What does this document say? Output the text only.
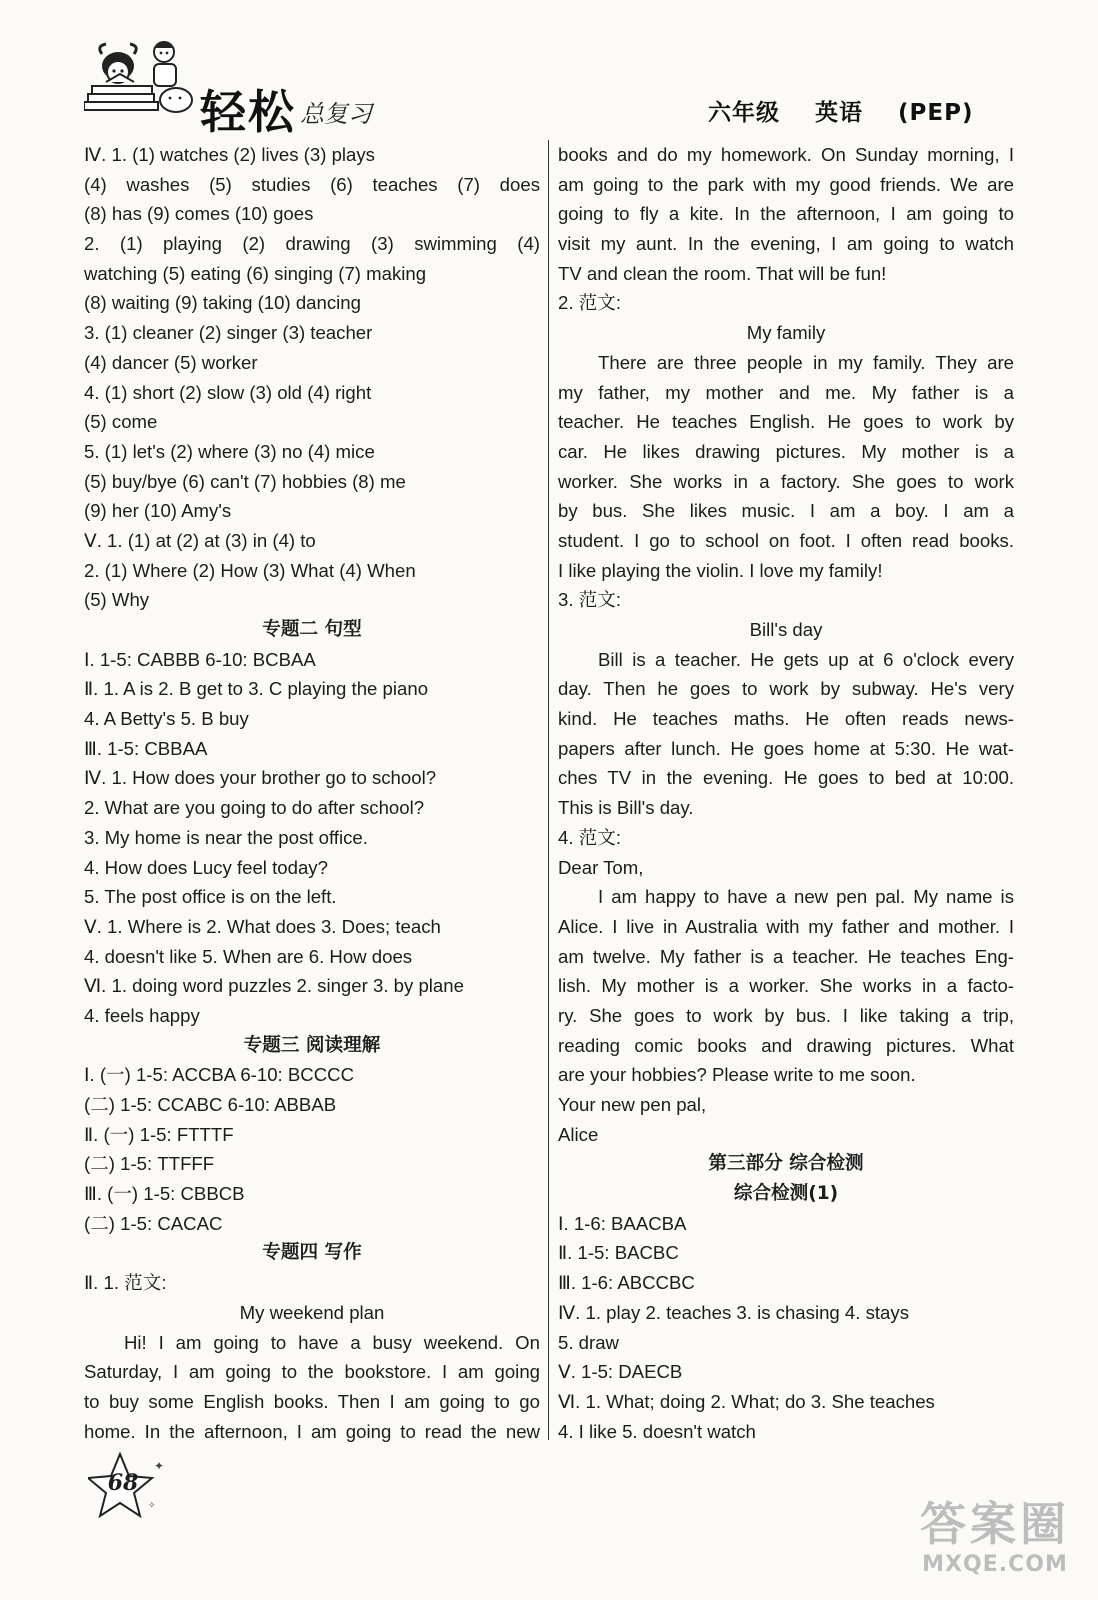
轻松 总复习	六年级 英语 (PEP)
Ⅳ. 1. (1) watches (2) lives (3) plays
(4) washes (5) studies (6) teaches (7) does
(8) has (9) comes (10) goes
2. (1) playing (2) drawing (3) swimming (4)
watching (5) eating (6) singing (7) making
(8) waiting (9) taking (10) dancing
3. (1) cleaner (2) singer (3) teacher
(4) dancer (5) worker
4. (1) short (2) slow (3) old (4) right
(5) come
5. (1) let's (2) where (3) no (4) mice
(5) buy/bye (6) can't (7) hobbies (8) me
(9) her (10) Amy's
Ⅴ. 1. (1) at (2) at (3) in (4) to
2. (1) Where (2) How (3) What (4) When
(5) Why
专题二 句型
Ⅰ. 1-5: CABBB 6-10: BCBAA
Ⅱ. 1. A is 2. B get to 3. C playing the piano
4. A Betty's 5. B buy
Ⅲ. 1-5: CBBAA
Ⅳ. 1. How does your brother go to school?
2. What are you going to do after school?
3. My home is near the post office.
4. How does Lucy feel today?
5. The post office is on the left.
Ⅴ. 1. Where is 2. What does 3. Does; teach
4. doesn't like 5. When are 6. How does
Ⅵ. 1. doing word puzzles 2. singer 3. by plane
4. feels happy
专题三 阅读理解
Ⅰ. (一) 1-5: ACCBA 6-10: BCCCC
(二) 1-5: CCABC 6-10: ABBAB
Ⅱ. (一) 1-5: FTTTF
(二) 1-5: TTFFF
Ⅲ. (一) 1-5: CBBCB
(二) 1-5: CACAC
专题四 写作
Ⅱ. 1. 范文:
My weekend plan
Hi! I am going to have a busy weekend. On
Saturday, I am going to the bookstore. I am going
to buy some English books. Then I am going to go
home. In the afternoon, I am going to read the new
books and do my homework. On Sunday morning, I
am going to the park with my good friends. We are
going to fly a kite. In the afternoon, I am going to
visit my aunt. In the evening, I am going to watch
TV and clean the room. That will be fun!
2. 范文:
My family
There are three people in my family. They are
my father, my mother and me. My father is a
teacher. He teaches English. He goes to work by
car. He likes drawing pictures. My mother is a
worker. She works in a factory. She goes to work
by bus. She likes music. I am a boy. I am a
student. I go to school on foot. I often read books.
I like playing the violin. I love my family!
3. 范文:
Bill's day
Bill is a teacher. He gets up at 6 o'clock every
day. Then he goes to work by subway. He's very
kind. He teaches maths. He often reads news-
papers after lunch. He goes home at 5:30. He wat-
ches TV in the evening. He goes to bed at 10:00.
This is Bill's day.
4. 范文:
Dear Tom,
I am happy to have a new pen pal. My name is
Alice. I live in Australia with my father and mother. I
am twelve. My father is a teacher. He teaches Eng-
lish. My mother is a worker. She works in a facto-
ry. She goes to work by bus. I like taking a trip,
reading comic books and drawing pictures. What
are your hobbies? Please write to me soon.
Your new pen pal,
Alice
第三部分 综合检测
综合检测(1)
Ⅰ. 1-6: BAACBA
Ⅱ. 1-5: BACBC
Ⅲ. 1-6: ABCCBC
Ⅳ. 1. play 2. teaches 3. is chasing 4. stays
5. draw
Ⅴ. 1-5: DAECB
Ⅵ. 1. What; doing 2. What; do 3. She teaches
4. I like 5. doesn't watch
✦
✧
68
答案圈
MXQE.COM
